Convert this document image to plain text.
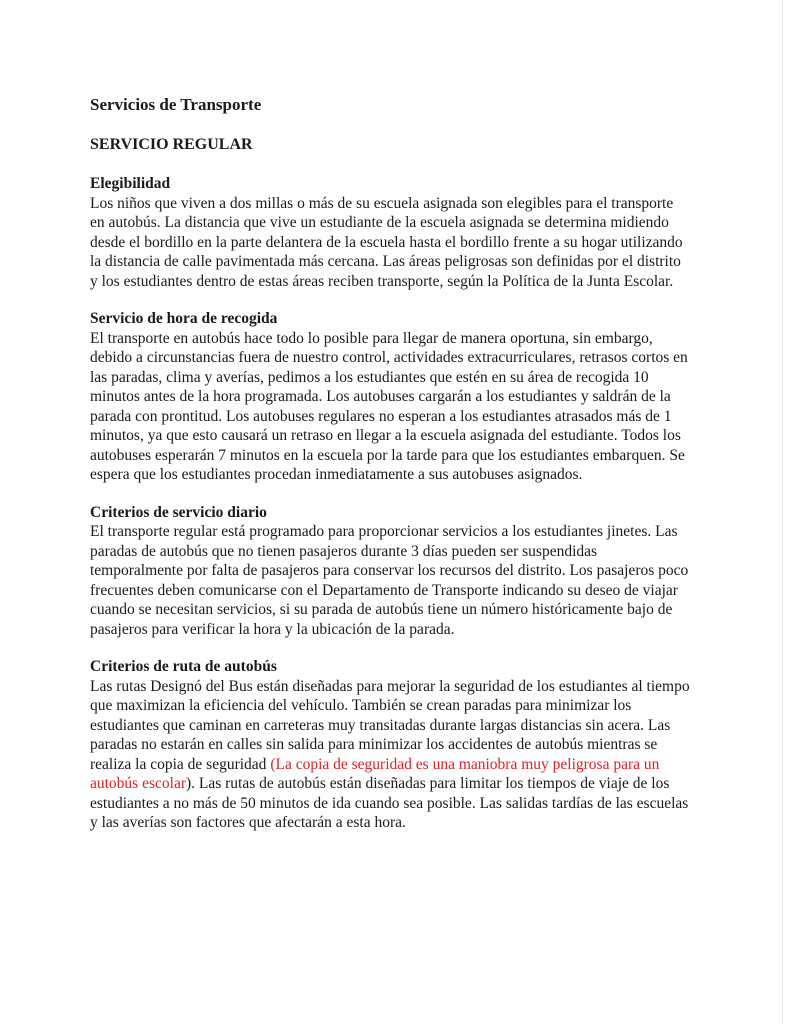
Servicios de Transporte
SERVICIO REGULAR

Elegibilidad

Los niños que viven a dos millas o más de su escuela asignada son elegibles para el transporte en autobús. La distancia que vive un estudiante de la escuela asignada se determina midiendo desde el bordillo en la parte delantera de la escuela hasta el bordillo frente a su hogar utilizando la distancia de calle pavimentada más cercana. Las áreas peligrosas son definidas por el distrito y los estudiantes dentro de estas áreas reciben transporte, según la Política de la Junta Escolar.

Servicio de hora de recogida

El transporte en autobús hace todo lo posible para llegar de manera oportuna, sin embargo, debido a circunstancias fuera de nuestro control, actividades extracurriculares, retrasos cortos en las paradas, clima y averías, pedimos a los estudiantes que estén en su área de recogida 10 minutos antes de la hora programada. Los autobuses cargarán a los estudiantes y saldrán de la parada con prontitud. Los autobuses regulares no esperan a los estudiantes atrasados más de 1 minutos, ya que esto causará un retraso en llegar a la escuela asignada del estudiante. Todos los autobuses esperarán 7 minutos en la escuela por la tarde para que los estudiantes embarquen. Se espera que los estudiantes procedan inmediatamente a sus autobuses asignados.

Criterios de servicio diario

El transporte regular está programado para proporcionar servicios a los estudiantes jinetes. Las paradas de autobús que no tienen pasajeros durante 3 días pueden ser suspendidas temporalmente por falta de pasajeros para conservar los recursos del distrito. Los pasajeros poco frecuentes deben comunicarse con el Departamento de Transporte indicando su deseo de viajar cuando se necesitan servicios, si su parada de autobús tiene un número históricamente bajo de pasajeros para verificar la hora y la ubicación de la parada.

Criterios de ruta de autobús

Las rutas Designó del Bus están diseñadas para mejorar la seguridad de los estudiantes al tiempo que maximizan la eficiencia del vehículo. También se crean paradas para minimizar los estudiantes que caminan en carreteras muy transitadas durante largas distancias sin acera. Las paradas no estarán en calles sin salida para minimizar los accidentes de autobús mientras se realiza la copia de seguridad (La copia de seguridad es una maniobra muy peligrosa para un autobús escolar). Las rutas de autobús están diseñadas para limitar los tiempos de viaje de los estudiantes a no más de 50 minutos de ida cuando sea posible. Las salidas tardías de las escuelas y las averías son factores que afectarán a esta hora.
